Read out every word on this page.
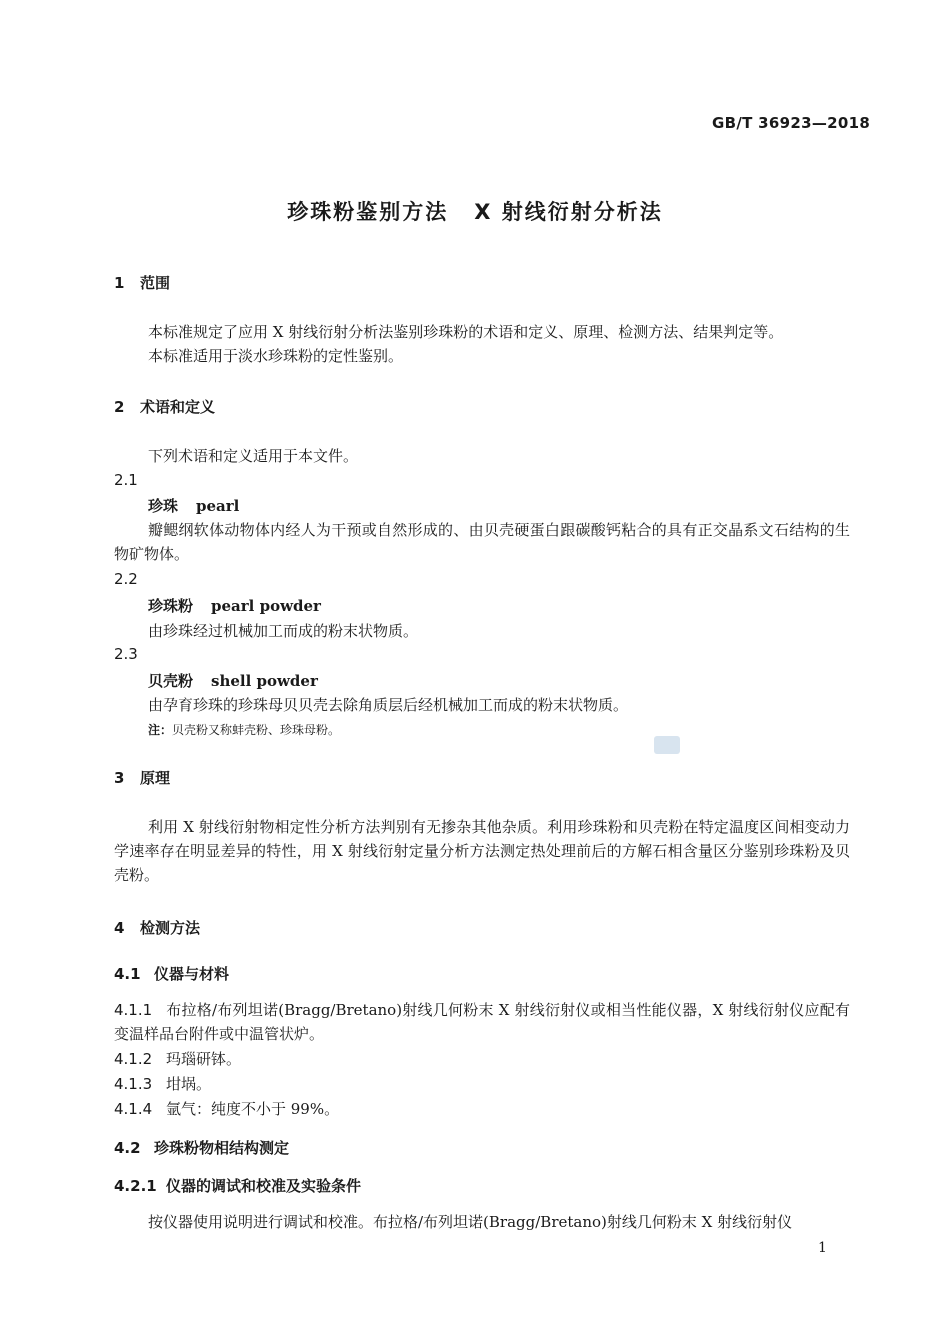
GB/T 36923—2018
珍珠粉鉴别方法 X 射线衍射分析法
1 范围
本标准规定了应用 X 射线衍射分析法鉴别珍珠粉的术语和定义、原理、检测方法、结果判定等。
本标准适用于淡水珍珠粉的定性鉴别。
2 术语和定义
下列术语和定义适用于本文件。
2.1
珍珠 pearl
瓣鳃纲软体动物体内经人为干预或自然形成的、由贝壳硬蛋白跟碳酸钙粘合的具有正交晶系文石结构的生物矿物体。
2.2
珍珠粉 pearl powder
由珍珠经过机械加工而成的粉末状物质。
2.3
贝壳粉 shell powder
由孕育珍珠的珍珠母贝贝壳去除角质层后经机械加工而成的粉末状物质。
注：贝壳粉又称蚌壳粉、珍珠母粉。
3 原理
利用 X 射线衍射物相定性分析方法判别有无掺杂其他杂质。利用珍珠粉和贝壳粉在特定温度区间相变动力学速率存在明显差异的特性，用 X 射线衍射定量分析方法测定热处理前后的方解石相含量区分鉴别珍珠粉及贝壳粉。
4 检测方法
4.1 仪器与材料
4.1.1 布拉格/布列坦诺(Bragg/Bretano)射线几何粉末 X 射线衍射仪或相当性能仪器，X 射线衍射仪应配有变温样品台附件或中温管状炉。
4.1.2 玛瑙研钵。
4.1.3 坩埚。
4.1.4 氩气：纯度不小于 99%。
4.2 珍珠粉物相结构测定
4.2.1 仪器的调试和校准及实验条件
按仪器使用说明进行调试和校准。布拉格/布列坦诺(Bragg/Bretano)射线几何粉末 X 射线衍射仪
1
